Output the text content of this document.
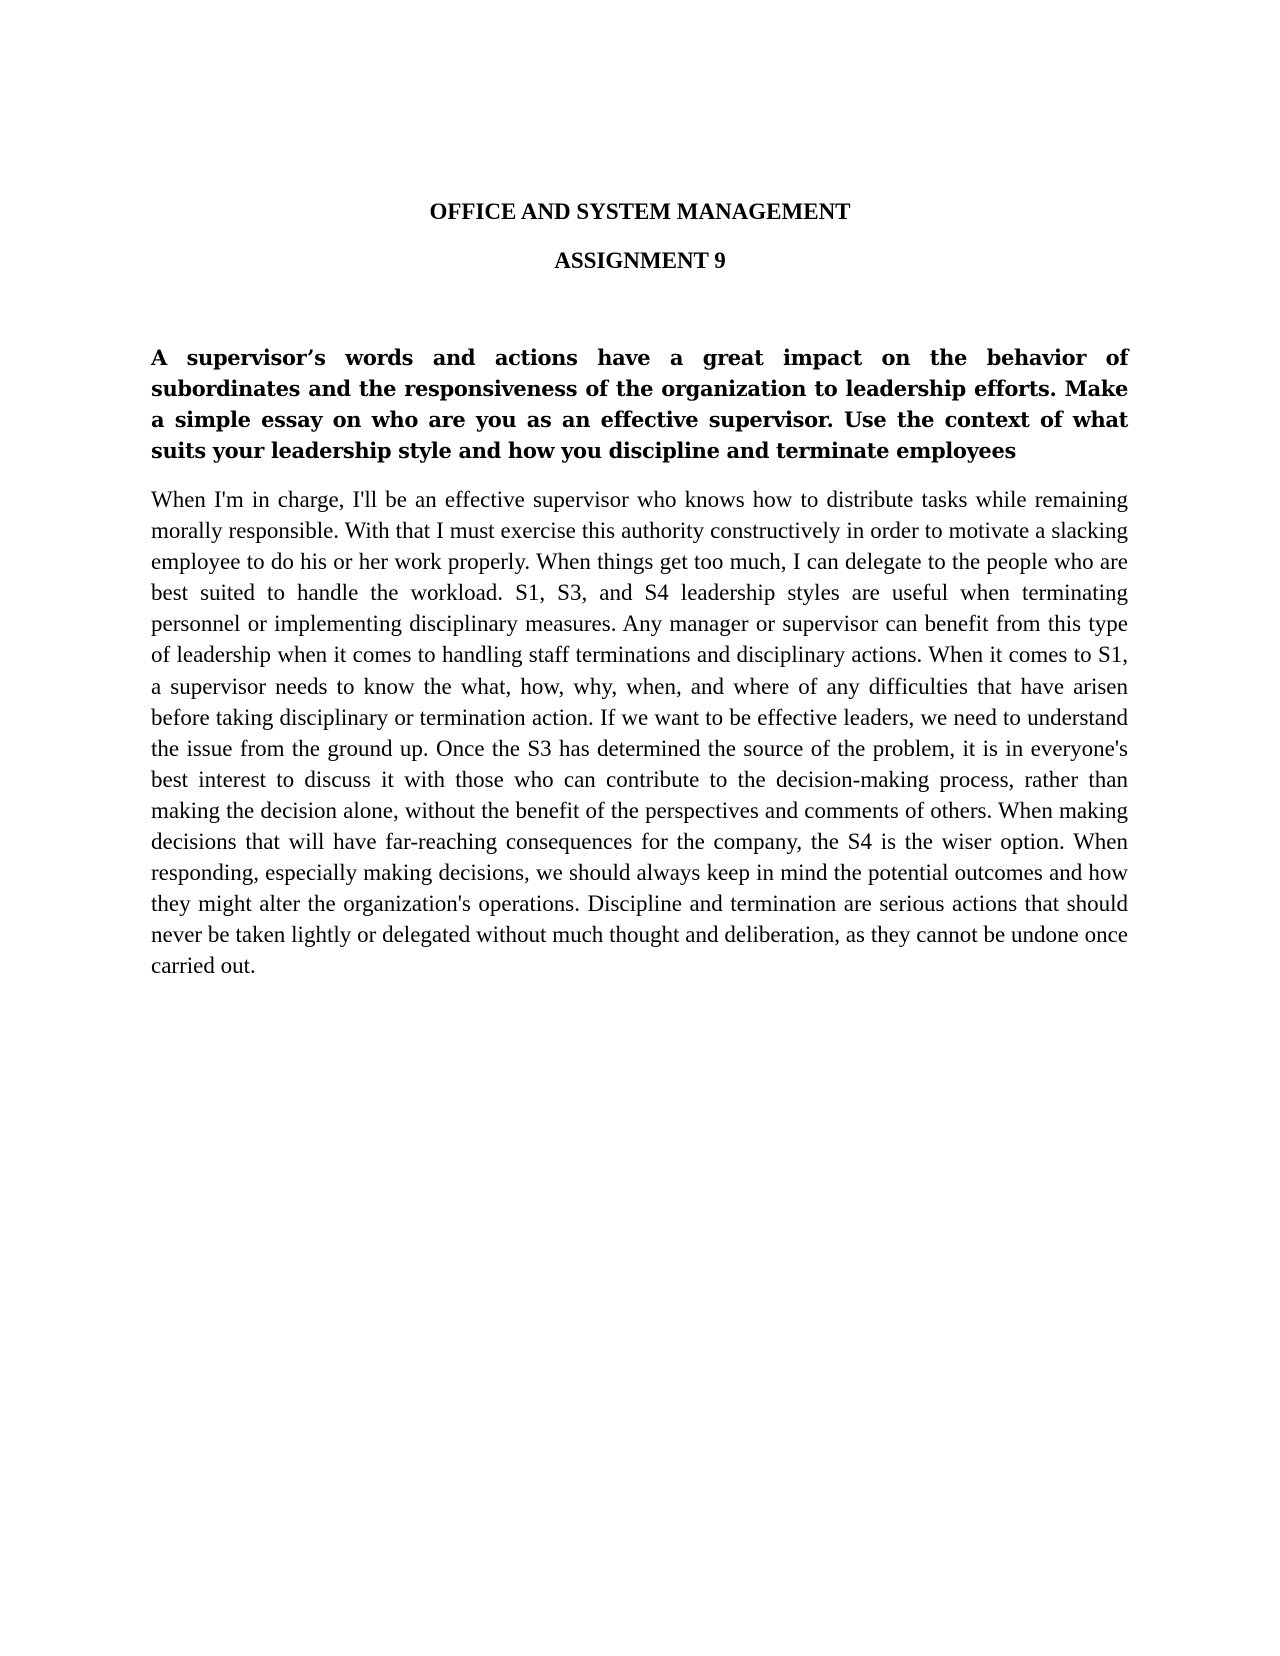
OFFICE AND SYSTEM MANAGEMENT
ASSIGNMENT 9

A supervisor’s words and actions have a great impact on the behavior of subordinates and the responsiveness of the organization to leadership efforts. Make a simple essay on who are you as an effective supervisor. Use the context of what suits your leadership style and how you discipline and terminate employees

When I'm in charge, I'll be an effective supervisor who knows how to distribute tasks while remaining morally responsible. With that I must exercise this authority constructively in order to motivate a slacking employee to do his or her work properly. When things get too much, I can delegate to the people who are best suited to handle the workload. S1, S3, and S4 leadership styles are useful when terminating personnel or implementing disciplinary measures. Any manager or supervisor can benefit from this type of leadership when it comes to handling staff terminations and disciplinary actions. When it comes to S1, a supervisor needs to know the what, how, why, when, and where of any difficulties that have arisen before taking disciplinary or termination action. If we want to be effective leaders, we need to understand the issue from the ground up. Once the S3 has determined the source of the problem, it is in everyone's best interest to discuss it with those who can contribute to the decision-making process, rather than making the decision alone, without the benefit of the perspectives and comments of others. When making decisions that will have far-reaching consequences for the company, the S4 is the wiser option. When responding, especially making decisions, we should always keep in mind the potential outcomes and how they might alter the organization's operations. Discipline and termination are serious actions that should never be taken lightly or delegated without much thought and deliberation, as they cannot be undone once carried out.
